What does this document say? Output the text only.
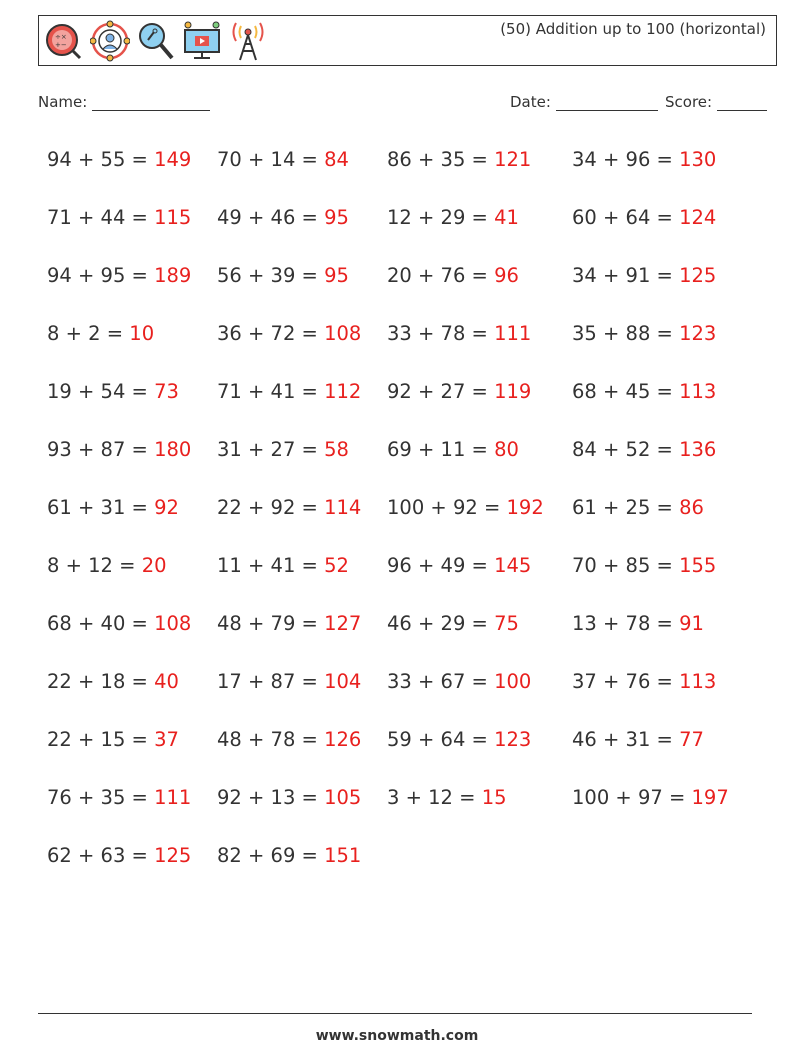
÷×
+−
(50) Addition up to 100 (horizontal)
Name:	Date:	Score:
94 + 55 = 149 70 + 14 = 84 86 + 35 = 121 34 + 96 = 130
71 + 44 = 115 49 + 46 = 95 12 + 29 = 41	60 + 64 = 124
94 + 95 = 189 56 + 39 = 95 20 + 76 = 96	34 + 91 = 125
8 + 2 = 10	36 + 72 = 108 33 + 78 = 111 35 + 88 = 123
19 + 54 = 73 71 + 41 = 112 92 + 27 = 119 68 + 45 = 113
93 + 87 = 180 31 + 27 = 58 69 + 11 = 80	84 + 52 = 136
61 + 31 = 92 22 + 92 = 114 100 + 92 = 192 61 + 25 = 86
8 + 12 = 20	11 + 41 = 52 96 + 49 = 145 70 + 85 = 155
68 + 40 = 108 48 + 79 = 127 46 + 29 = 75	13 + 78 = 91
22 + 18 = 40 17 + 87 = 104 33 + 67 = 100 37 + 76 = 113
22 + 15 = 37 48 + 78 = 126 59 + 64 = 123 46 + 31 = 77
76 + 35 = 111 92 + 13 = 105 3 + 12 = 15	100 + 97 = 197
62 + 63 = 125 82 + 69 = 151
www.snowmath.com
